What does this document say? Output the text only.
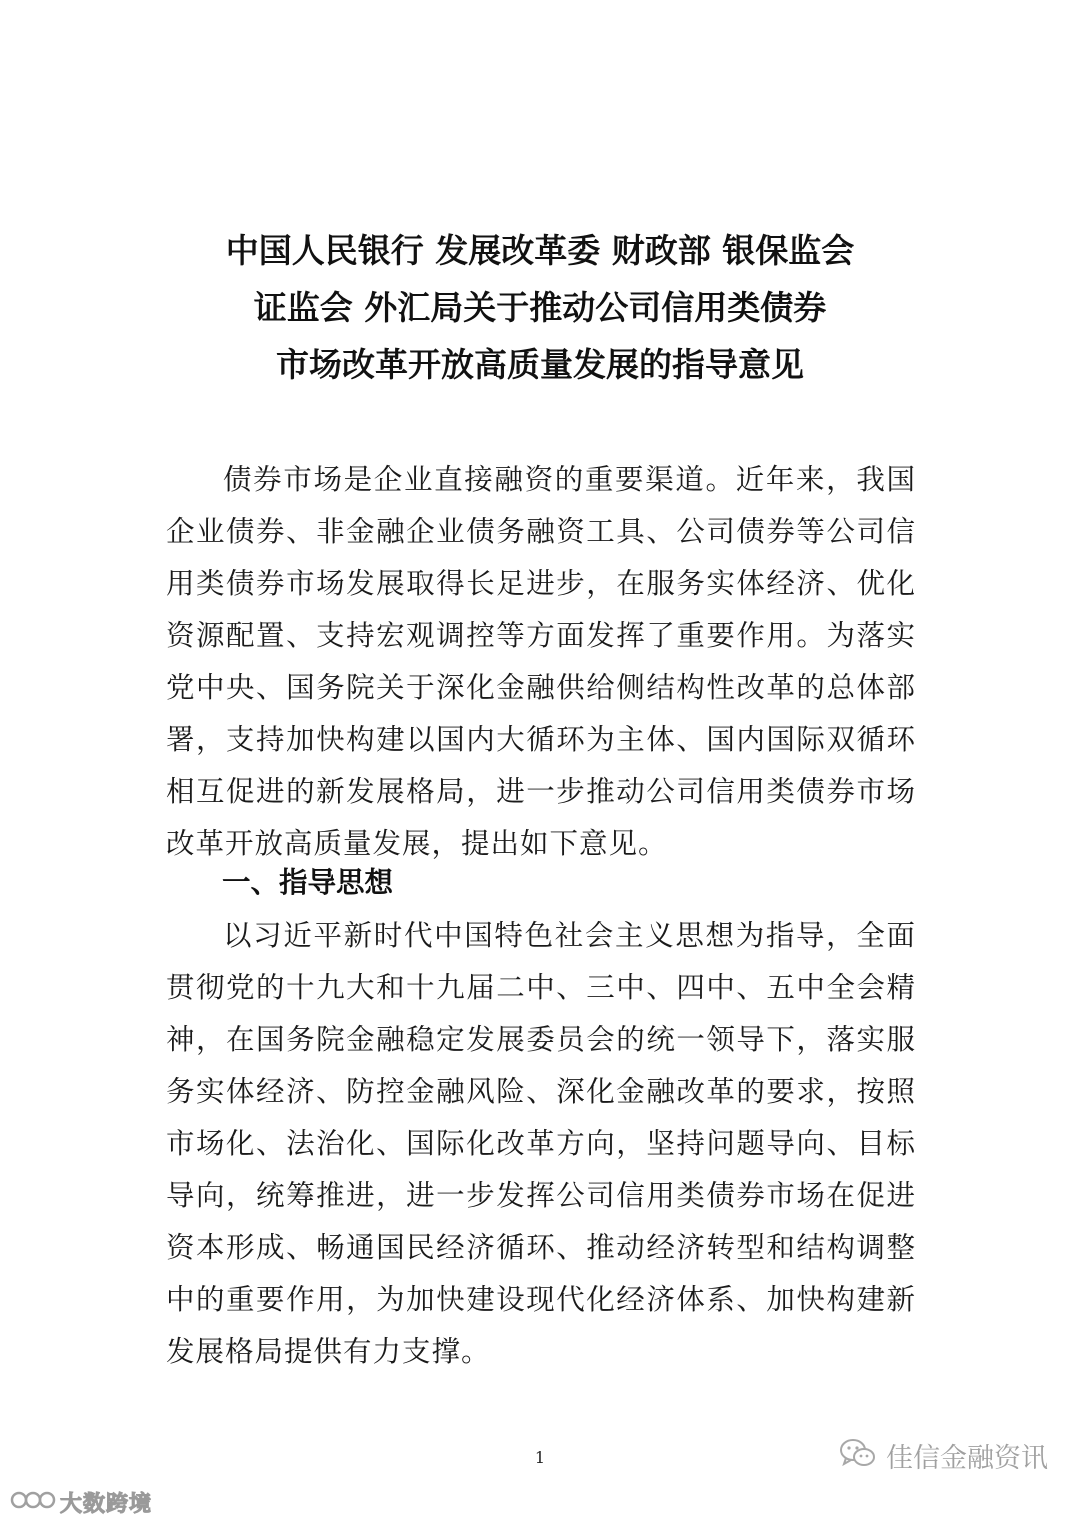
中国人民银行 发展改革委 财政部 银保监会
证监会 外汇局关于推动公司信用类债券
市场改革开放高质量发展的指导意见
债券市场是企业直接融资的重要渠道。近年来，我国企业债券、非金融企业债务融资工具、公司债券等公司信用类债券市场发展取得长足进步，在服务实体经济、优化资源配置、支持宏观调控等方面发挥了重要作用。为落实党中央、国务院关于深化金融供给侧结构性改革的总体部署，支持加快构建以国内大循环为主体、国内国际双循环相互促进的新发展格局，进一步推动公司信用类债券市场改革开放高质量发展，提出如下意见。
一、指导思想
以习近平新时代中国特色社会主义思想为指导，全面贯彻党的十九大和十九届二中、三中、四中、五中全会精神，在国务院金融稳定发展委员会的统一领导下，落实服务实体经济、防控金融风险、深化金融改革的要求，按照市场化、法治化、国际化改革方向，坚持问题导向、目标导向，统筹推进，进一步发挥公司信用类债券市场在促进资本形成、畅通国民经济循环、推动经济转型和结构调整中的重要作用，为加快建设现代化经济体系、加快构建新发展格局提供有力支撑。
1	佳信金融资讯
大数跨境
